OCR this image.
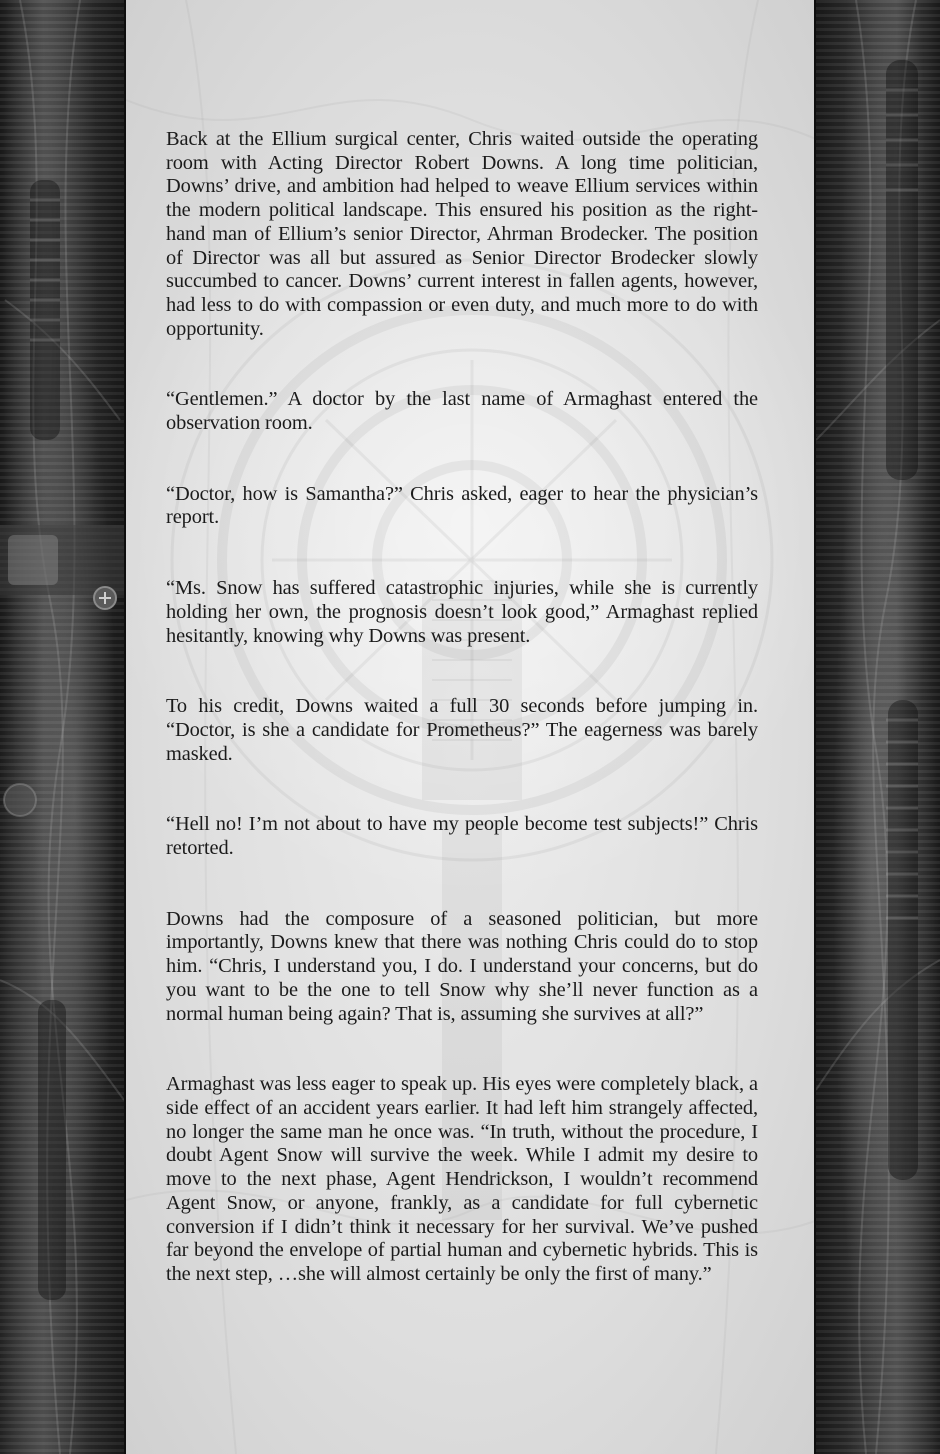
Back at the Ellium surgical center, Chris waited outside the operating room with Acting Director Robert Downs. A long time politician, Downs’ drive, and ambition had helped to weave Ellium services within the modern political landscape. This ensured his position as the right-hand man of Ellium’s senior Director, Ahrman Brodecker. The position of Director was all but assured as Senior Director Brodecker slowly succumbed to cancer. Downs’ current interest in fallen agents, however, had less to do with compassion or even duty, and much more to do with opportunity.

“Gentlemen.” A doctor by the last name of Armaghast entered the observation room.

“Doctor, how is Samantha?” Chris asked, eager to hear the physician’s report.

“Ms. Snow has suffered catastrophic injuries, while she is currently holding her own, the prognosis doesn’t look good,” Armaghast replied hesitantly, knowing why Downs was present.

To his credit, Downs waited a full 30 seconds before jumping in. “Doctor, is she a candidate for Prometheus?” The eagerness was barely masked.

“Hell no! I’m not about to have my people become test subjects!” Chris retorted.

Downs had the composure of a seasoned politician, but more importantly, Downs knew that there was nothing Chris could do to stop him. “Chris, I understand you, I do. I understand your concerns, but do you want to be the one to tell Snow why she’ll never function as a normal human being again? That is, assuming she survives at all?”

Armaghast was less eager to speak up. His eyes were completely black, a side effect of an accident years earlier. It had left him strangely affected, no longer the same man he once was. “In truth, without the procedure, I doubt Agent Snow will survive the week. While I admit my desire to move to the next phase, Agent Hendrickson, I wouldn’t recommend Agent Snow, or anyone, frankly, as a candidate for full cybernetic conversion if I didn’t think it necessary for her survival. We’ve pushed far beyond the envelope of partial human and cybernetic hybrids. This is the next step, …she will almost certainly be only the first of many.”
